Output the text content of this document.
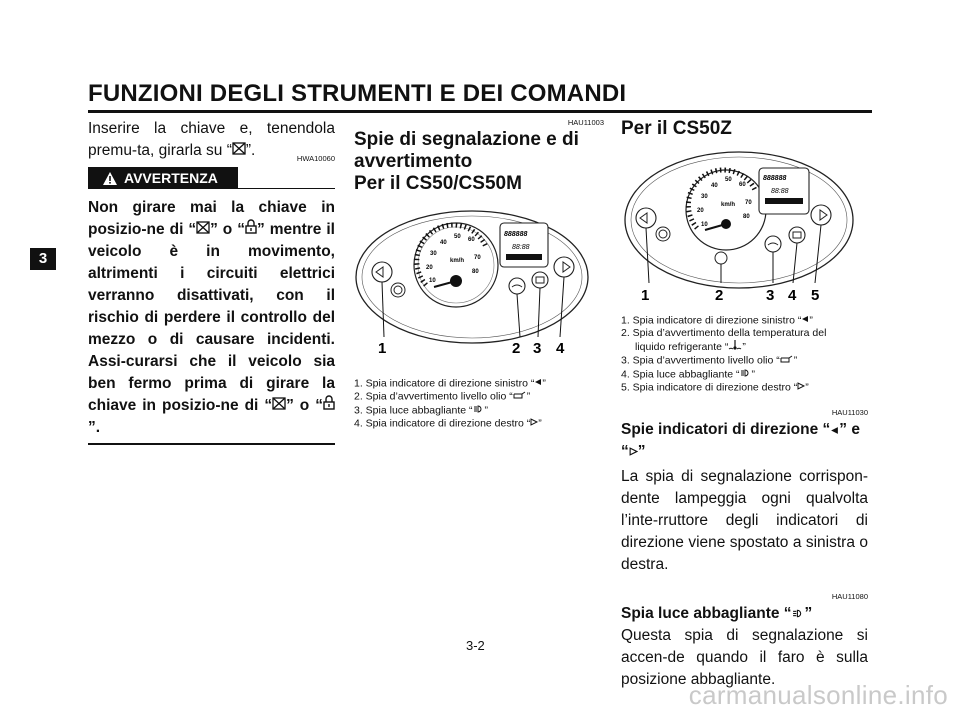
FUNZIONI DEGLI STRUMENTI E DEI COMANDI
3
Inserire la chiave e, tenendola premu-ta, girarla su “ ”.	HWA10060
AVVERTENZA
Non girare mai la chiave in posizio-ne di “ ” o “ ” mentre il veicolo è in movimento, altrimenti i circuiti elettrici verranno disattivati, con il rischio di perdere il controllo del mezzo o di causare incidenti. Assi-curarsi che il veicolo sia ben fermo prima di girare la chiave in posizio-ne di “ ” o “”.
HAU11003
Spie di segnalazione e di avvertimento
Per il CS50/CS50M
10
20
30
40
50 60
70
80
km/h
888888
88:88
1	2 3 4
1. Spia indicatore di direzione sinistro “ ”
2. Spia d’avvertimento livello olio “ ”
3. Spia luce abbagliante “ ”
4. Spia indicatore di direzione destro “ ”
Per il CS50Z
10
20
30
40
50
60
70
80
km/h
888888
88:88
1	2	3 4 5
1. Spia indicatore di direzione sinistro “ ”
2. Spia d’avvertimento della temperatura del
liquido refrigerante “ ”
3. Spia d’avvertimento livello olio “ ”
4. Spia luce abbagliante “ ”
5. Spia indicatore di direzione destro “ ”
HAU11030
Spie indicatori di direzione “ ” e
“ ”
La spia di segnalazione corrispon-dente lampeggia ogni qualvolta l’inte-rruttore degli indicatori di direzione viene spostato a sinistra o destra.
HAU11080
Spia luce abbagliante “ ”
Questa spia di segnalazione si accen-de quando il faro è sulla posizione abbagliante.
3-2
carmanualsonline.info
